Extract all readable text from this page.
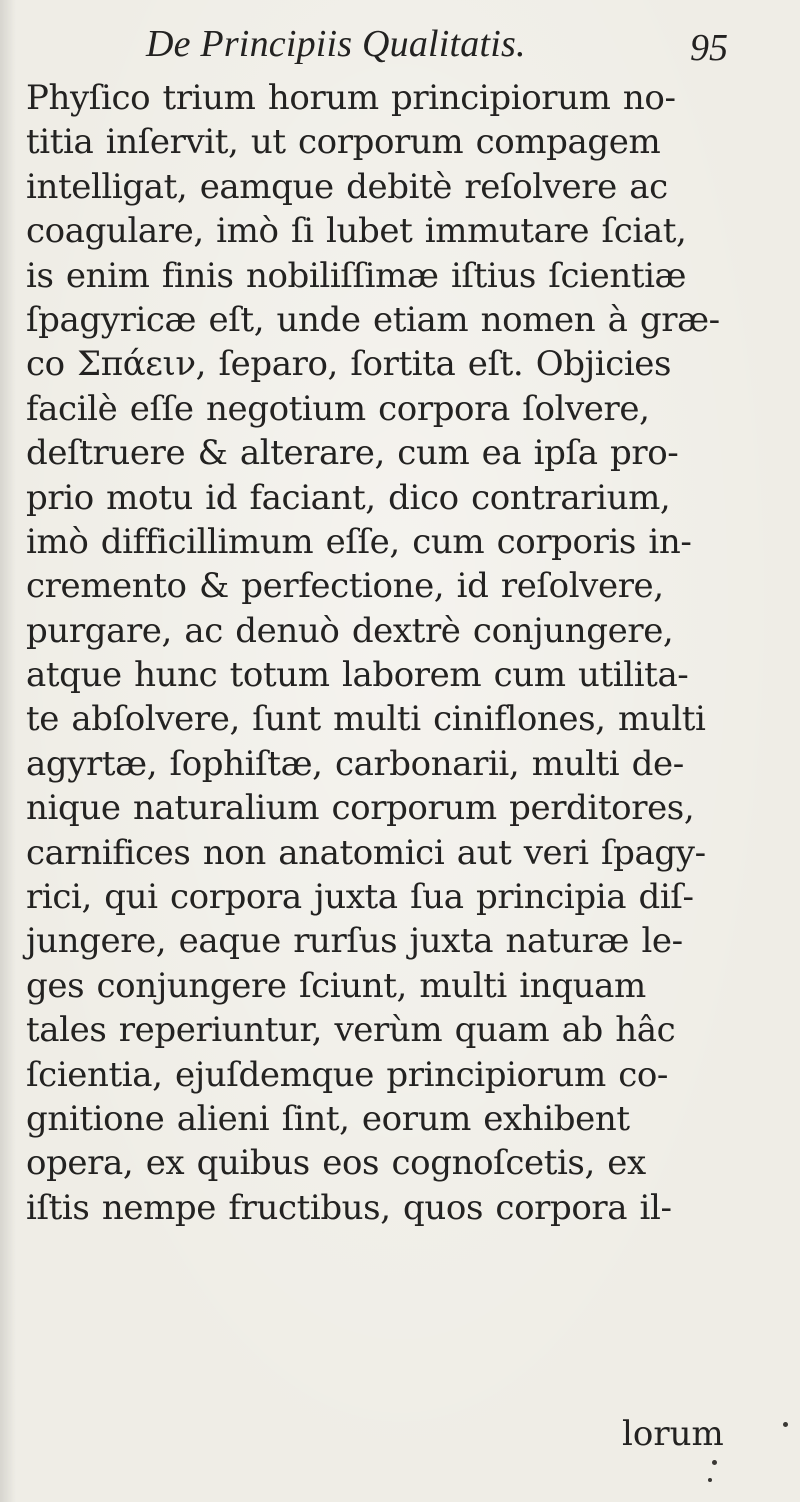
De Principiis Qualitatis.	95
Phyſico trium horum principiorum no-
titia inſervit, ut corporum compagem
intelligat, eamque debitè reſolvere ac
coagulare, imò ſi lubet immutare ſciat,
is enim finis nobiliſſimæ iſtius ſcientiæ
ſpagyricæ eſt, unde etiam nomen à græ-
co Σπάειν, ſeparo, ſortita eſt. Objicies
facilè eſſe negotium corpora ſolvere,
deſtruere & alterare, cum ea ipſa pro-
prio motu id faciant, dico contrarium,
imò difficillimum eſſe, cum corporis in-
cremento & perfectione, id reſolvere,
purgare, ac denuò dextrè conjungere,
atque hunc totum laborem cum utilita-
te abſolvere, ſunt multi ciniflones, multi
agyrtæ, ſophiſtæ, carbonarii, multi de-
nique naturalium corporum perditores,
carnifices non anatomici aut veri ſpagy-
rici, qui corpora juxta ſua principia diſ-
jungere, eaque rurſus juxta naturæ le-
ges conjungere ſciunt, multi inquam
tales reperiuntur, verùm quam ab hâc
ſcientia, ejuſdemque principiorum co-
gnitione alieni ſint, eorum exhibent
opera, ex quibus eos cognoſcetis, ex
iſtis nempe fructibus, quos corpora il-
lorum
